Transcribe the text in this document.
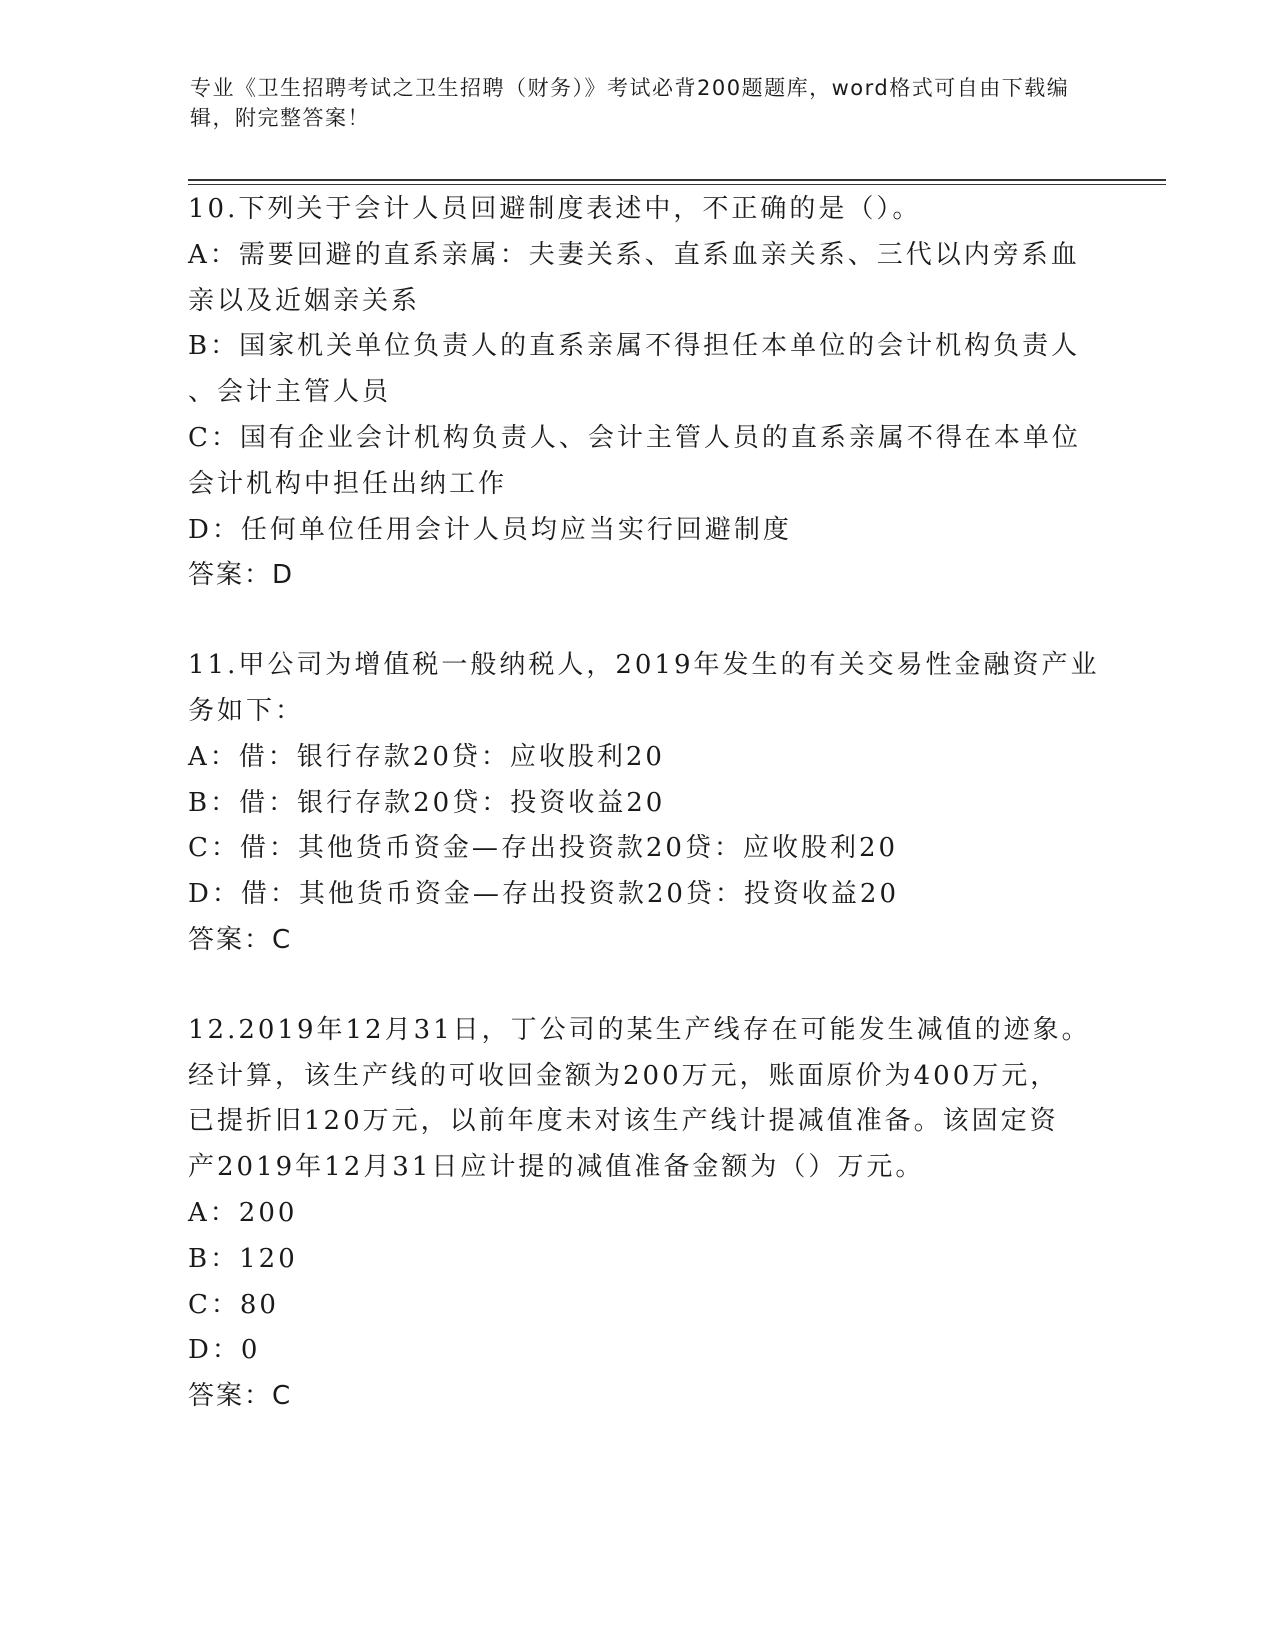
专业《卫生招聘考试之卫生招聘（财务）》考试必背200题题库，word格式可自由下载编辑，附完整答案！
10.下列关于会计人员回避制度表述中，不正确的是（）。
A：需要回避的直系亲属：夫妻关系、直系血亲关系、三代以内旁系血
亲以及近姻亲关系
B：国家机关单位负责人的直系亲属不得担任本单位的会计机构负责人
、会计主管人员
C：国有企业会计机构负责人、会计主管人员的直系亲属不得在本单位
会计机构中担任出纳工作
D：任何单位任用会计人员均应当实行回避制度
答案：D
11.甲公司为增值税一般纳税人，2019年发生的有关交易性金融资产业
务如下：
A：借：银行存款20贷：应收股利20
B：借：银行存款20贷：投资收益20
C：借：其他货币资金—存出投资款20贷：应收股利20
D：借：其他货币资金—存出投资款20贷：投资收益20
答案：C
12.2019年12月31日，丁公司的某生产线存在可能发生减值的迹象。
经计算，该生产线的可收回金额为200万元，账面原价为400万元，
已提折旧120万元，以前年度未对该生产线计提减值准备。该固定资
产2019年12月31日应计提的减值准备金额为（）万元。
A：200
B：120
C：80
D：0
答案：C
